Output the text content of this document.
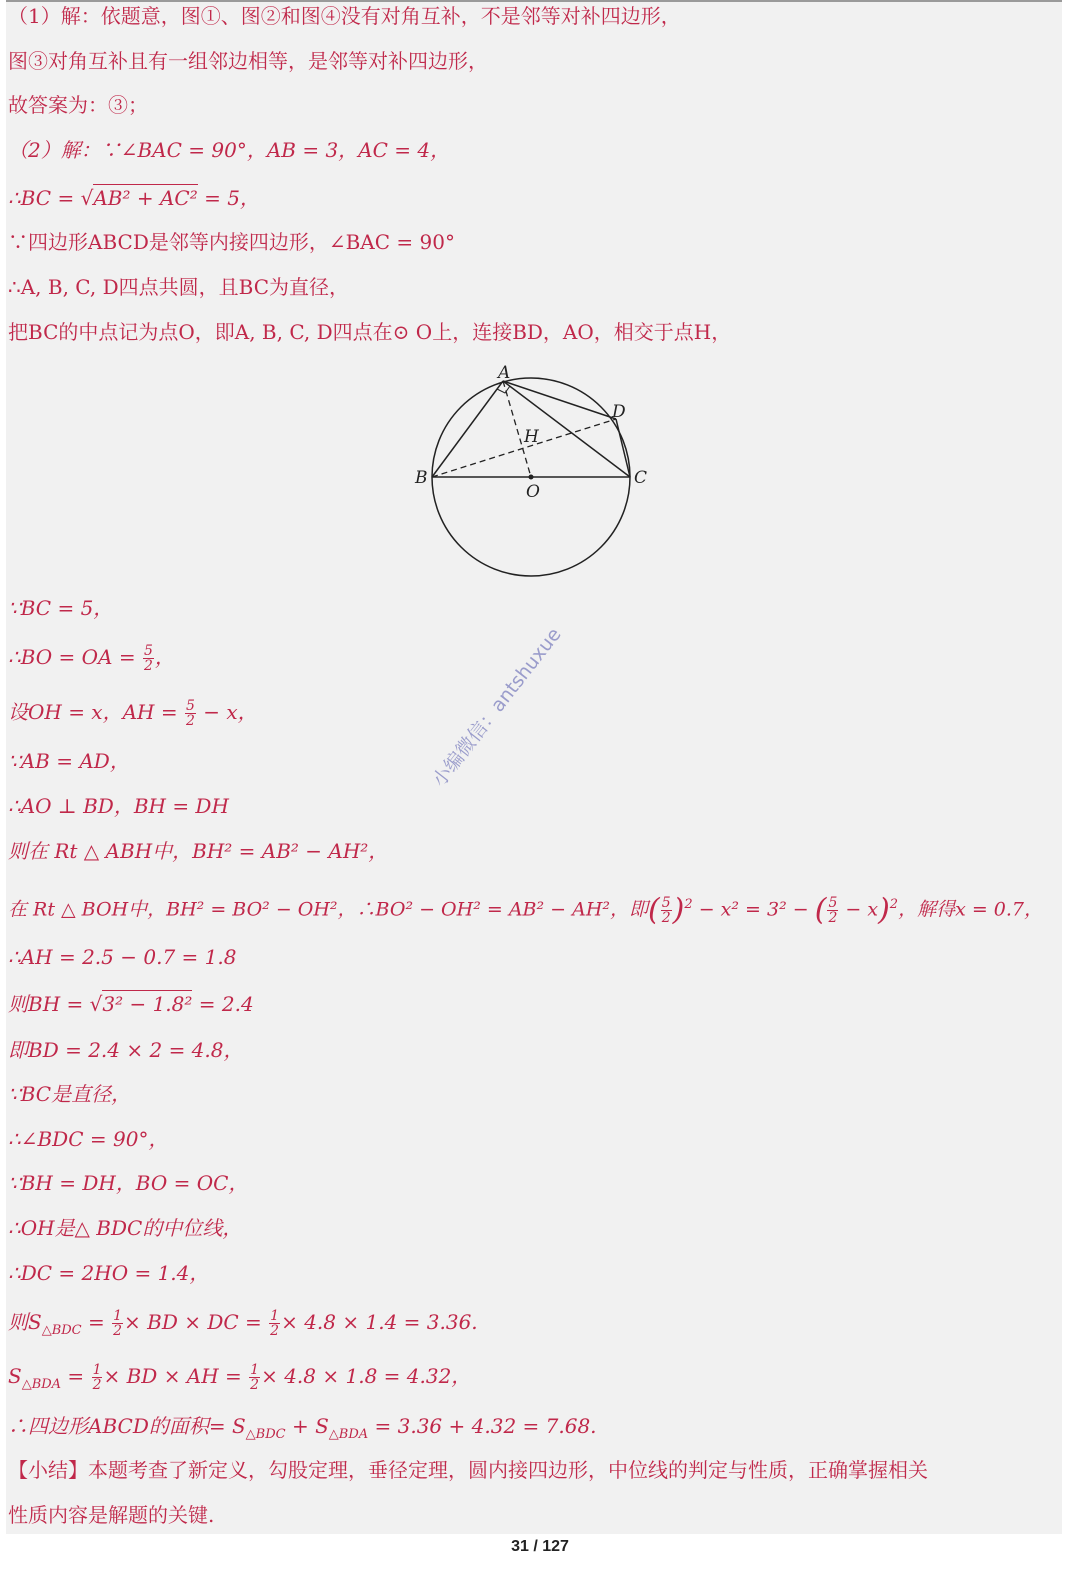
（1）解：依题意，图①、图②和图④没有对角互补，不是邻等对补四边形，
图③对角互补且有一组邻边相等，是邻等对补四边形，
故答案为：③；
（2）解：∵∠BAC = 90°，AB = 3，AC = 4，
∴BC = √AB² + AC² = 5，
∵四边形ABCD是邻等内接四边形，∠BAC = 90°
∴A, B, C, D四点共圆，且BC为直径，
把BC的中点记为点O，即A, B, C, D四点在⊙ O上，连接BD，AO，相交于点H，
A
B	C
D
H
O
∵BC = 5，
∴BO = OA = $\frac{5}{2}$ ，
设OH = x，AH = $\frac{5}{2} - x$，
∵AB = AD，
∴AO ⊥ BD，BH = DH
则在 Rt △ ABH中，BH² = AB² − AH²，
在 Rt △ BOH中，BH² = BO² − OH²，∴BO² − OH² = AB² − AH²，即( $\frac{5}{2} )^2 - x^2 = 3^2$ − ( $\frac{5}{2} - x)^2$，解得x = 0.7，
∴AH = 2.5 − 0.7 = 1.8
则BH = √3² − 1.8² = 2.4
即BD = 2.4 × 2 = 4.8，
∵BC是直径，
∴∠BDC = 90°，
∵BH = DH，BO = OC，
∴OH是△ BDC的中位线，
∴DC = 2HO = 1.4，
则$S_{\triangle BDC} = \frac{1}{2}$ × BD × DC = $\frac{1}{2} \times 4.8 \times 1.4 = 3.36$.
$S_{\triangle BDA} = \frac{1}{2}$ × BD × AH = $\frac{1}{2} \times 4.8 \times 1.8 = 4.32$，
∴四边形ABCD的面积= $S_{\triangle BDC} + S_{\triangle BDA} = 3.36 + 4.32 = 7.68$.
【小结】本题考查了新定义，勾股定理，垂径定理，圆内接四边形，中位线的判定与性质，正确掌握相关
性质内容是解题的关键.
小编微信：antshuxue
31 / 127
